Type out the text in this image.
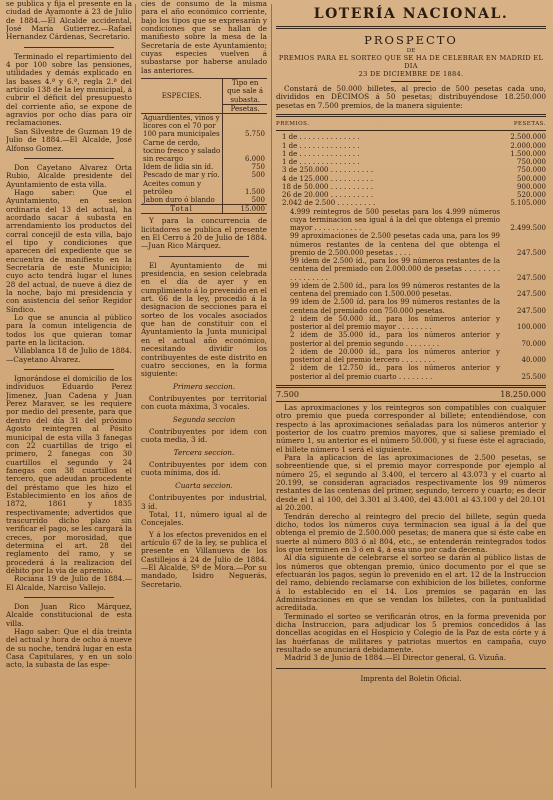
se publica y fija el presente en la ciudad de Ayamonte á 23 de Julio de 1884.—El Alcalde accidental, José María Gutierrez.—Rafael Hernandez Cárdenas, Secretario.

Terminado el repartimiento del 4 por 100 sobre las pensiones, utilidades y demás explicado en las bases 4.ª y 6.ª, regla 2.ª del artículo 138 de la ley municipal, á cubrir el déficit del presupuesto del corriente año, se expone de agravios por ocho días para oir reclamaciones.

San Silvestre de Guzman 19 de Julio de 1884.—El Alcalde, José Alfonso Gomez.

Don Cayetano Alvarez Orta Rubio, Alcalde presidente del Ayuntamiento de esta villa.

Hago saber: Que el Ayuntamiento, en sesion ordinaria del 13 del actual, ha acordado sacar á subasta en arrendamiento los productos del corral concejil de esta villa, bajo el tipo y condiciones que aparecen del expediente que se encuentra de manifiesto en la Secretaría de este Municipio; cuyo acto tendrá lugar el lunes 28 del actual, de nueve á diez de la noche, bajo mi presidencia y con asistencia del señor Regidor Síndico.

Lo que se anuncia al público para la comun inteligencia de todos los que quieran tomar parte en la licitacion.

Villablanca 18 de Julio de 1884.—Cayetano Alvarez.

Ignorándose el domicilio de los individuos Eduardo Perez Jimenez, Juan Cadena y Juan Perez Maraver, se les requiere por medio del presente, para que dentro del día 31 del próximo Agosto reintegren al Pósito municipal de esta villa 3 fanegas con 22 cuartillas de trigo el primero, 2 fanegas con 30 cuartillos el segundo y 24 fanegas con 38 cuartillos el tercero, que adeudan procedente del préstamo que les hizo el Establecimiento en los años de 1872, 1861 y 1835 respectivamente; advertidos que trascurrido dicho plazo sin verificar el pago, se les cargará la creces, por morosidad, que determina el art. 28 del reglamento del ramo, y se procederá á la realizacion del débito por la via de apremio.

Rociana 19 de Julio de 1884.—El Alcalde, Narciso Vallejo.

Don Juan Rico Márquez, Alcalde constitucional de esta villa.

Hago saber: Que el día treinta del actual y hora de ocho á nueve de su noche, tendrá lugar en esta Casa Capitulares, y en un solo acto, la subasta de las espe-

cies de consumo de la misma para el año económico corriente, bajo los tipos que se expresarán y condiciones que se hallan de manifiesto sobre la mesa de la Secretaría de este Ayuntamiento; cuyas especies vuelven á subastarse por haberse anulado las anteriores.

ESPECIES.	Tipo en que sale á subasta.
	Pesetas.
Aguardientes, vinos y licores con el 70 por 100 para municipales	5.750
Carne de cerdo, tocino fresco y salado sin recargo	6.000
Idem de lidia sin íd.	750
Pescado de mar y río.	500
Aceites comun y petróleo	1.500
Jabon duro ó blando	500
Total	15.000

Y para la concurrencia de licitadores se publica el presente en El Cerro á 20 de Julio de 1884.—Juan Rico Márquez.

El Ayuntamiento de mi presidencia, en sesion celebrada en el día de ayer y en cumplimiento á lo prevenido en el art. 66 de la ley, procedió á la designacion de secciones para el sorteo de los vocales asociados que han de constituir con el Ayuntamiento la Junta municipal en el actual año económico, necesitando dividir los contribuyentes de este distrito en cuatro secciones, en la forma siguiente:

Primera seccion.

Contribuyentes por territorial con cuota máxima, 3 vocales.

Segunda seccion

Contribuyentes por idem con cuota media, 3 íd.

Tercera seccion.

Contribuyentes por idem con cuota mínima, dos íd.

Cuarta seccion.

Contribuyentes por industrial, 3 íd.

Total, 11, número igual al de Concejales.

Y á los efectos prevenidos en el artículo 67 de la ley, se publica el presente en Villanueva de los Castillejos á 24 de Julio de 1884.—El Alcalde, Sº de Mora.—Por su mandado, Isidro Neguerás, Secretario.

LOTERÍA NACIONAL.
PROSPECTO
DE
PREMIOS PARA EL SORTEO QUE SE HA DE CELEBRAR EN MADRID EL DIA
23 DE DICIEMBRE DE 1884.

Constará de 50.000 billetes, al precio de 500 pesetas cada uno, divididos en DÉCIMOS á 50 pesetas; distribuyéndose 18.250.000 pesetas en 7.500 premios, de la manera siguiente:

PREMIOS.	PESETAS.
1 de . . . . . . . . . . . . . .	2.500.000
1 de . . . . . . . . . . . . . .	2.000.000
1 de . . . . . . . . . . . . . .	1.500.000
1 de . . . . . . . . . . . . . .	750.000
3 de 250.000 . . . . . . . . . .	750.000
4 de 125.000 . . . . . . . . . .	500.000
18 de 50.000 . . . . . . . . . .	900.000
26 de 20.000 . . . . . . . . . .	520.000
2.042 de 2.500 . . . . . . . . .	5.105.000
4.999 reintegros de 500 pesetas para los 4.999 números cuya terminacion sea igual á la del que obtenga el premio mayor . . . . . . . . . . .	2.499.500
99 aproximaciones de 2.500 pesetas cada una, para los 99 números restantes de la centena del que obtenga el premio de 2.500.000 pesetas . . . .	247.500
99 idem de 2.500 íd., para los 99 números restantes de la centena del premiado con 2.000.000 de pesetas . . . . . . . . . . . . . . . . .	247.500
99 idem de 2.500 íd., para los 99 números restantes de la centena del premiado con 1.500.000 pesetas.	247.500
99 idem de 2.500 íd. para los 99 números restantes de la centena del premiado con 750.000 pesetas.	247.500
2 idem de 50.000 íd., para los números anterior y posterior al del premio mayor . . . . . . . .	100.000
2 idem de 35.000 íd., para los números anterior y posterior al del premio segundo . . . . . . . .	70.000
2 idem de 20.000 íd., para los números anterior y posterior al del premio tercero . . . . . . . .	40.000
2 idem de 12.750 íd., para los números anterior y posterior al del premio cuarto . . . . . . . .	25.500
7.500	18.250.000

Las aproximaciones y los reintegros son compatibles con cualquier otro premio que pueda corresponder al billete; entendiéndose, con respecto á las aproximaciones señaladas para los números anterior y posterior de los cuatro premios mayores, que si saliese premiado el número 1, su anterior es el número 50.000, y si fuese éste el agraciado, el billete número 1 será el siguiente.

Para la aplicacion de las aproximaciones de 2.500 pesetas, se sobreentiende que, si el premio mayor corresponde por ejemplo al número 25, el segundo al 3.400, el tercero al 43.073 y el cuarto al 20.199, se consideran agraciados respectivamente los 99 números restantes de las centenas del primer, segundo, tercero y cuarto; es decir desde el 1 al 100, del 3.301 al 3.400, del 43.001 al 43.100 y del 20.101 al 20.200.

Tendrán derecho al reintegro del precio del billete, según queda dicho, todos los números cuya terminacion sea igual á la del que obtenga el premio de 2.500.000 pesetas; de manera que si éste cabe en suerte al número 803 ó al 804, etc., se entenderán reintegrados todos los que terminen en 3 ó en 4, á esa uno por cada decena.

Al día siguiente de celebrarse el sorteo se darán al público listas de los números que obtengan premio, único documento por el que se efectuarán los pagos, según lo prevenido en el art. 12 de la Instruccion del ramo, debiendo reclamarse con exhibicion de los billetes, conforme á lo establecido en el 14. Los premios se pagarán en las Administraciones en que se vendan los billetes, con la puntualidad acreditada.

Terminado el sorteo se verificarán otros, en la forma prevenida por dicha Instruccion, para adjudicar los 5 premios concedidos á las doncellas acogidas en el Hospicio y Colegio de la Paz de esta córte y á las huérfanas de militares y patriotas muertos en campaña, cuyo resultado se anunciará debidamente.

Madrid 3 de Junio de 1884.—El Director general, G. Vizuña.

Imprenta del Boletin Oficial.
